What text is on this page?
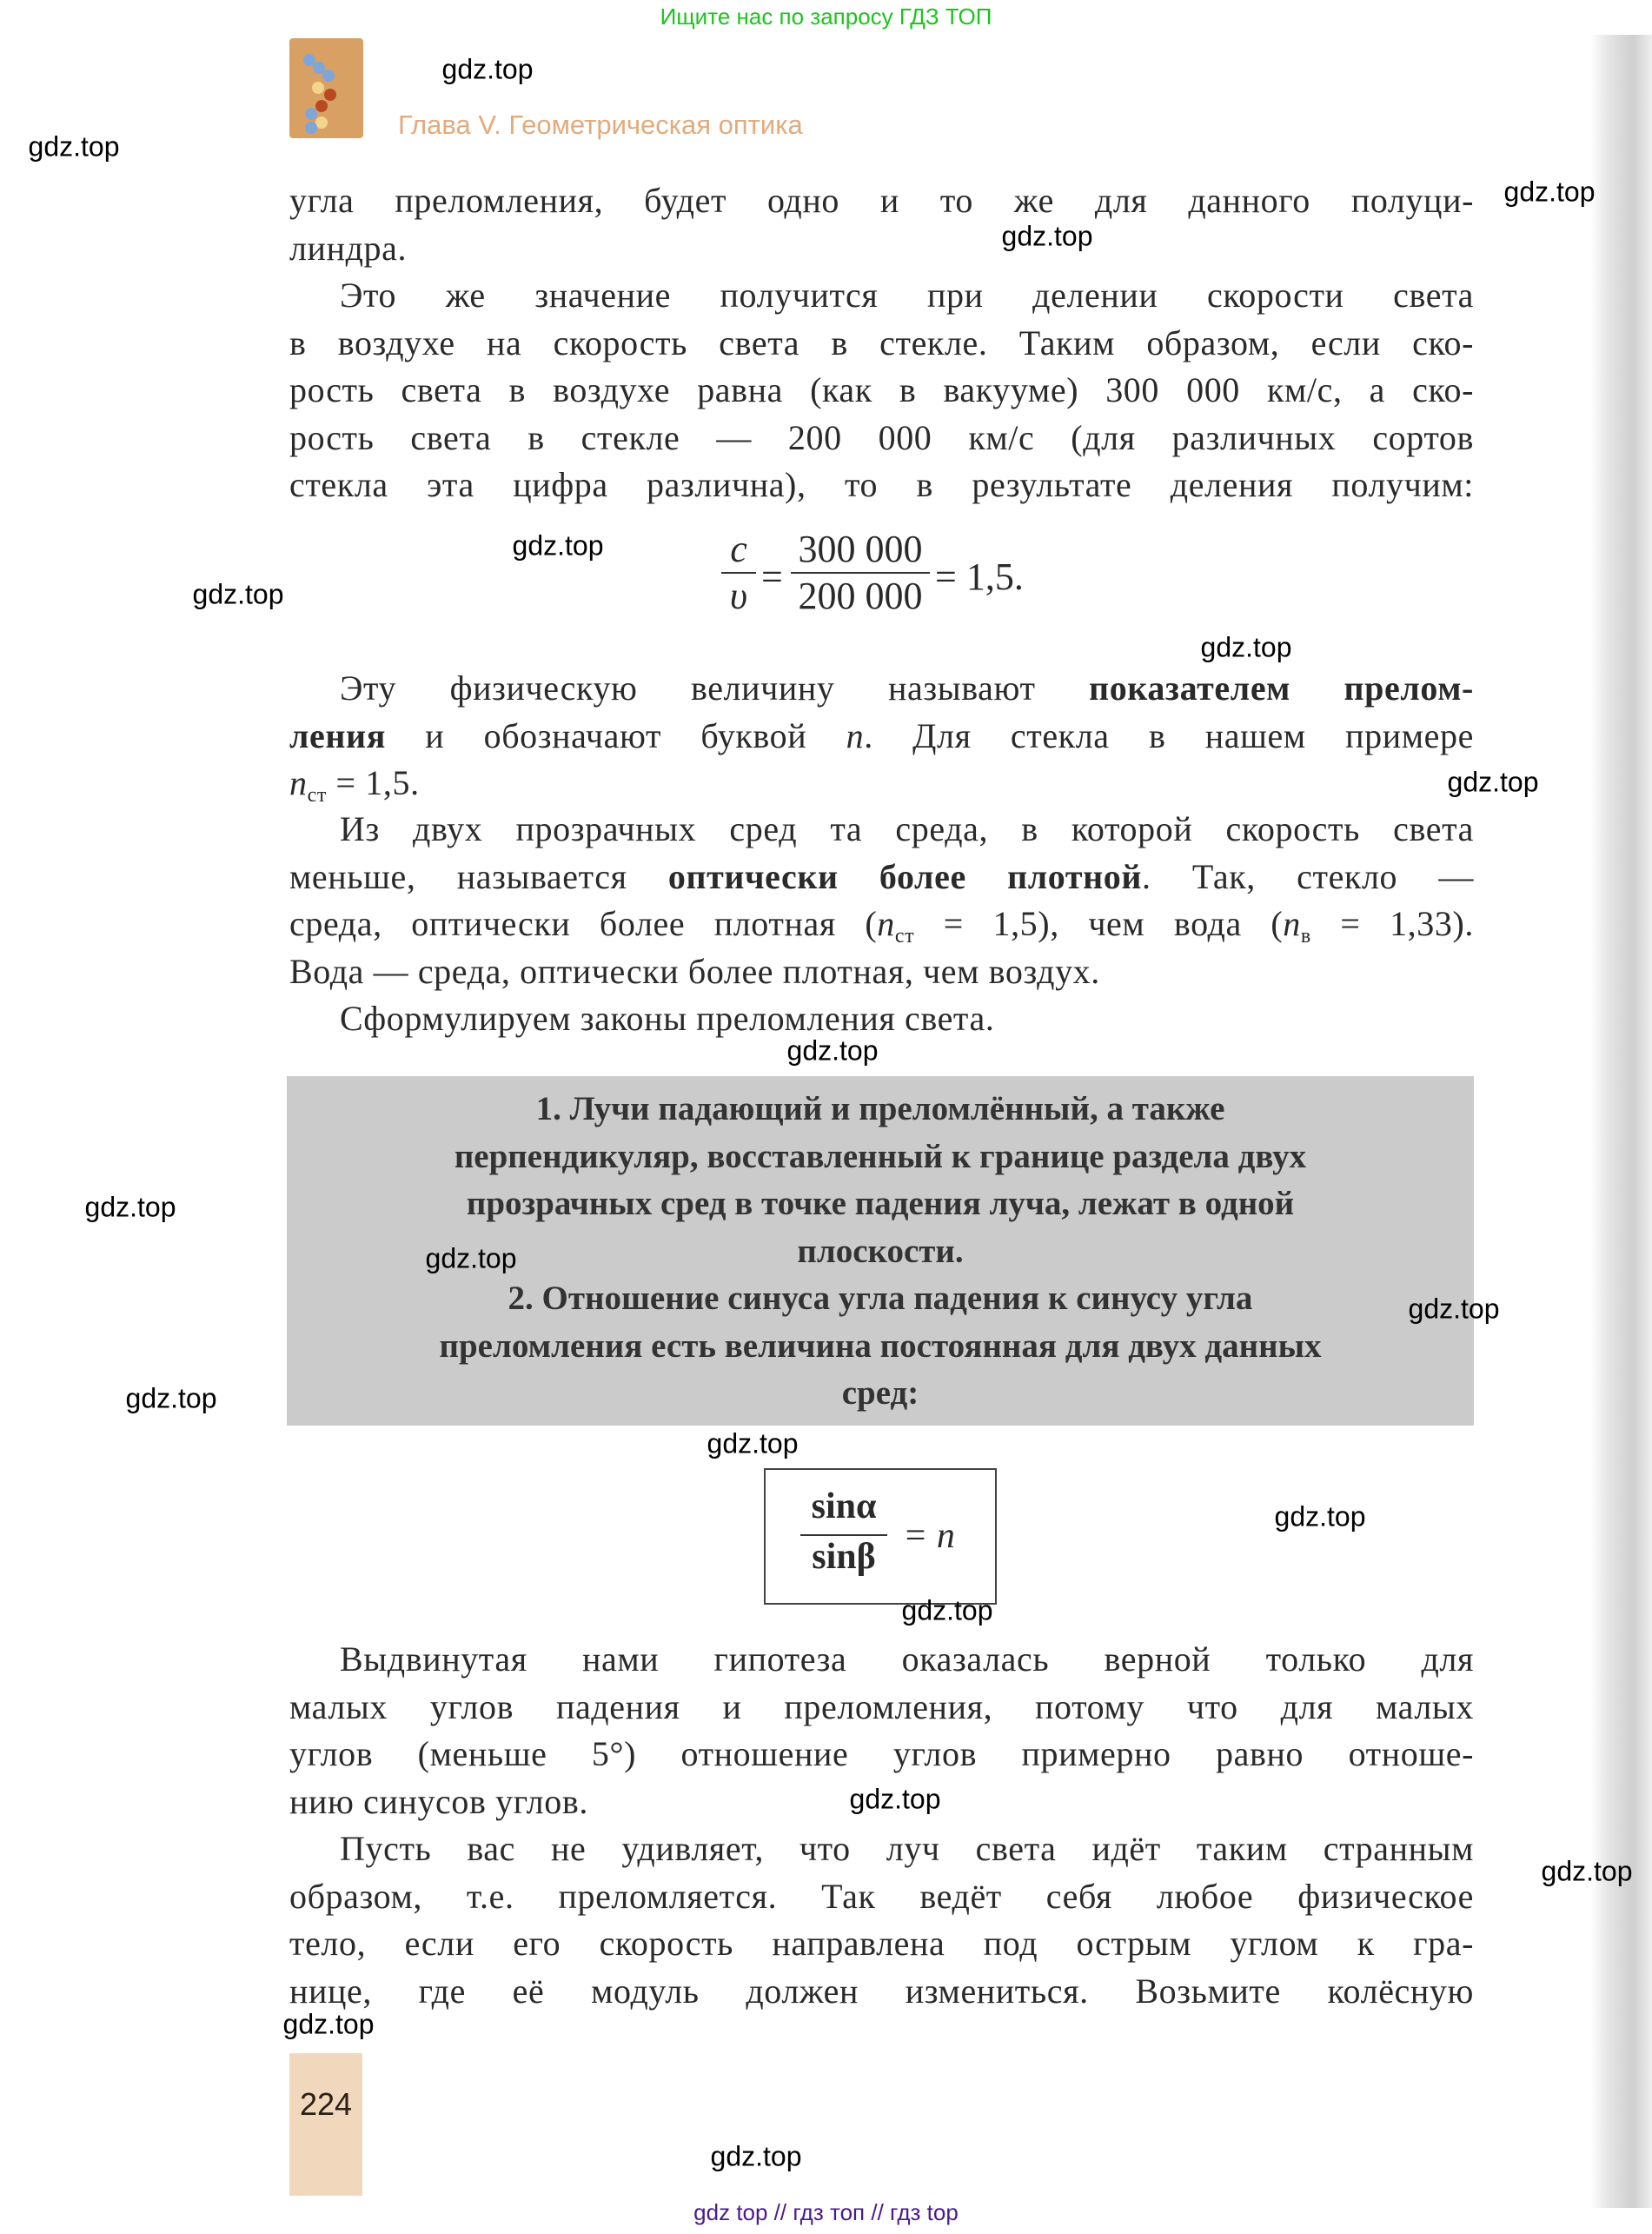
Ищите нас по запросу ГДЗ ТОП
Глава V. Геометрическая оптика
угла преломления, будет одно и то же для данного полуци-
линдра.
Это же значение получится при делении скорости света
в воздухе на скорость света в стекле. Таким образом, если ско-
рость света в воздухе равна (как в вакууме) 300 000 км/с, а ско-
рость света в стекле — 200 000 км/с (для различных сортов
стекла эта цифра различна), то в результате деления получим:
$\frac{c}{\upsilon} = \frac{300 000}{200 000} = 1,5$.
Эту физическую величину называют показателем прелом-
ления и обозначают буквой n. Для стекла в нашем примере
$n_{ст} = 1,5$.
Из двух прозрачных сред та среда, в которой скорость света
меньше, называется оптически более плотной. Так, стекло —
среда, оптически более плотная $(n_{ст} = 1,5)$, чем вода $(n_в = 1,33)$.
Вода — среда, оптически более плотная, чем воздух.
Сформулируем законы преломления света.
1. Лучи падающий и преломлённый, а также
перпендикуляр, восставленный к границе раздела двух
прозрачных сред в точке падения луча, лежат в одной
плоскости.
2. Отношение синуса угла падения к синусу угла
преломления есть величина постоянная для двух данных
сред:
sinα
sinβ
= n
Выдвинутая нами гипотеза оказалась верной только для
малых углов падения и преломления, потому что для малых
углов (меньше 5°) отношение углов примерно равно отноше-
нию синусов углов.
Пусть вас не удивляет, что луч света идёт таким странным
образом, т.е. преломляется. Так ведёт себя любое физическое
тело, если его скорость направлена под острым углом к гра-
нице, где её модуль должен измениться. Возьмите колёсную
224
gdz top // гдз топ // гдз top
gdz.top
gdz.top
gdz.top
gdz.top
gdz.top
gdz.top
gdz.top
gdz.top
gdz.top
gdz.top
gdz.top
gdz.top
gdz.top
gdz.top
gdz.top
gdz.top
gdz.top
gdz.top
gdz.top
gdz.top
